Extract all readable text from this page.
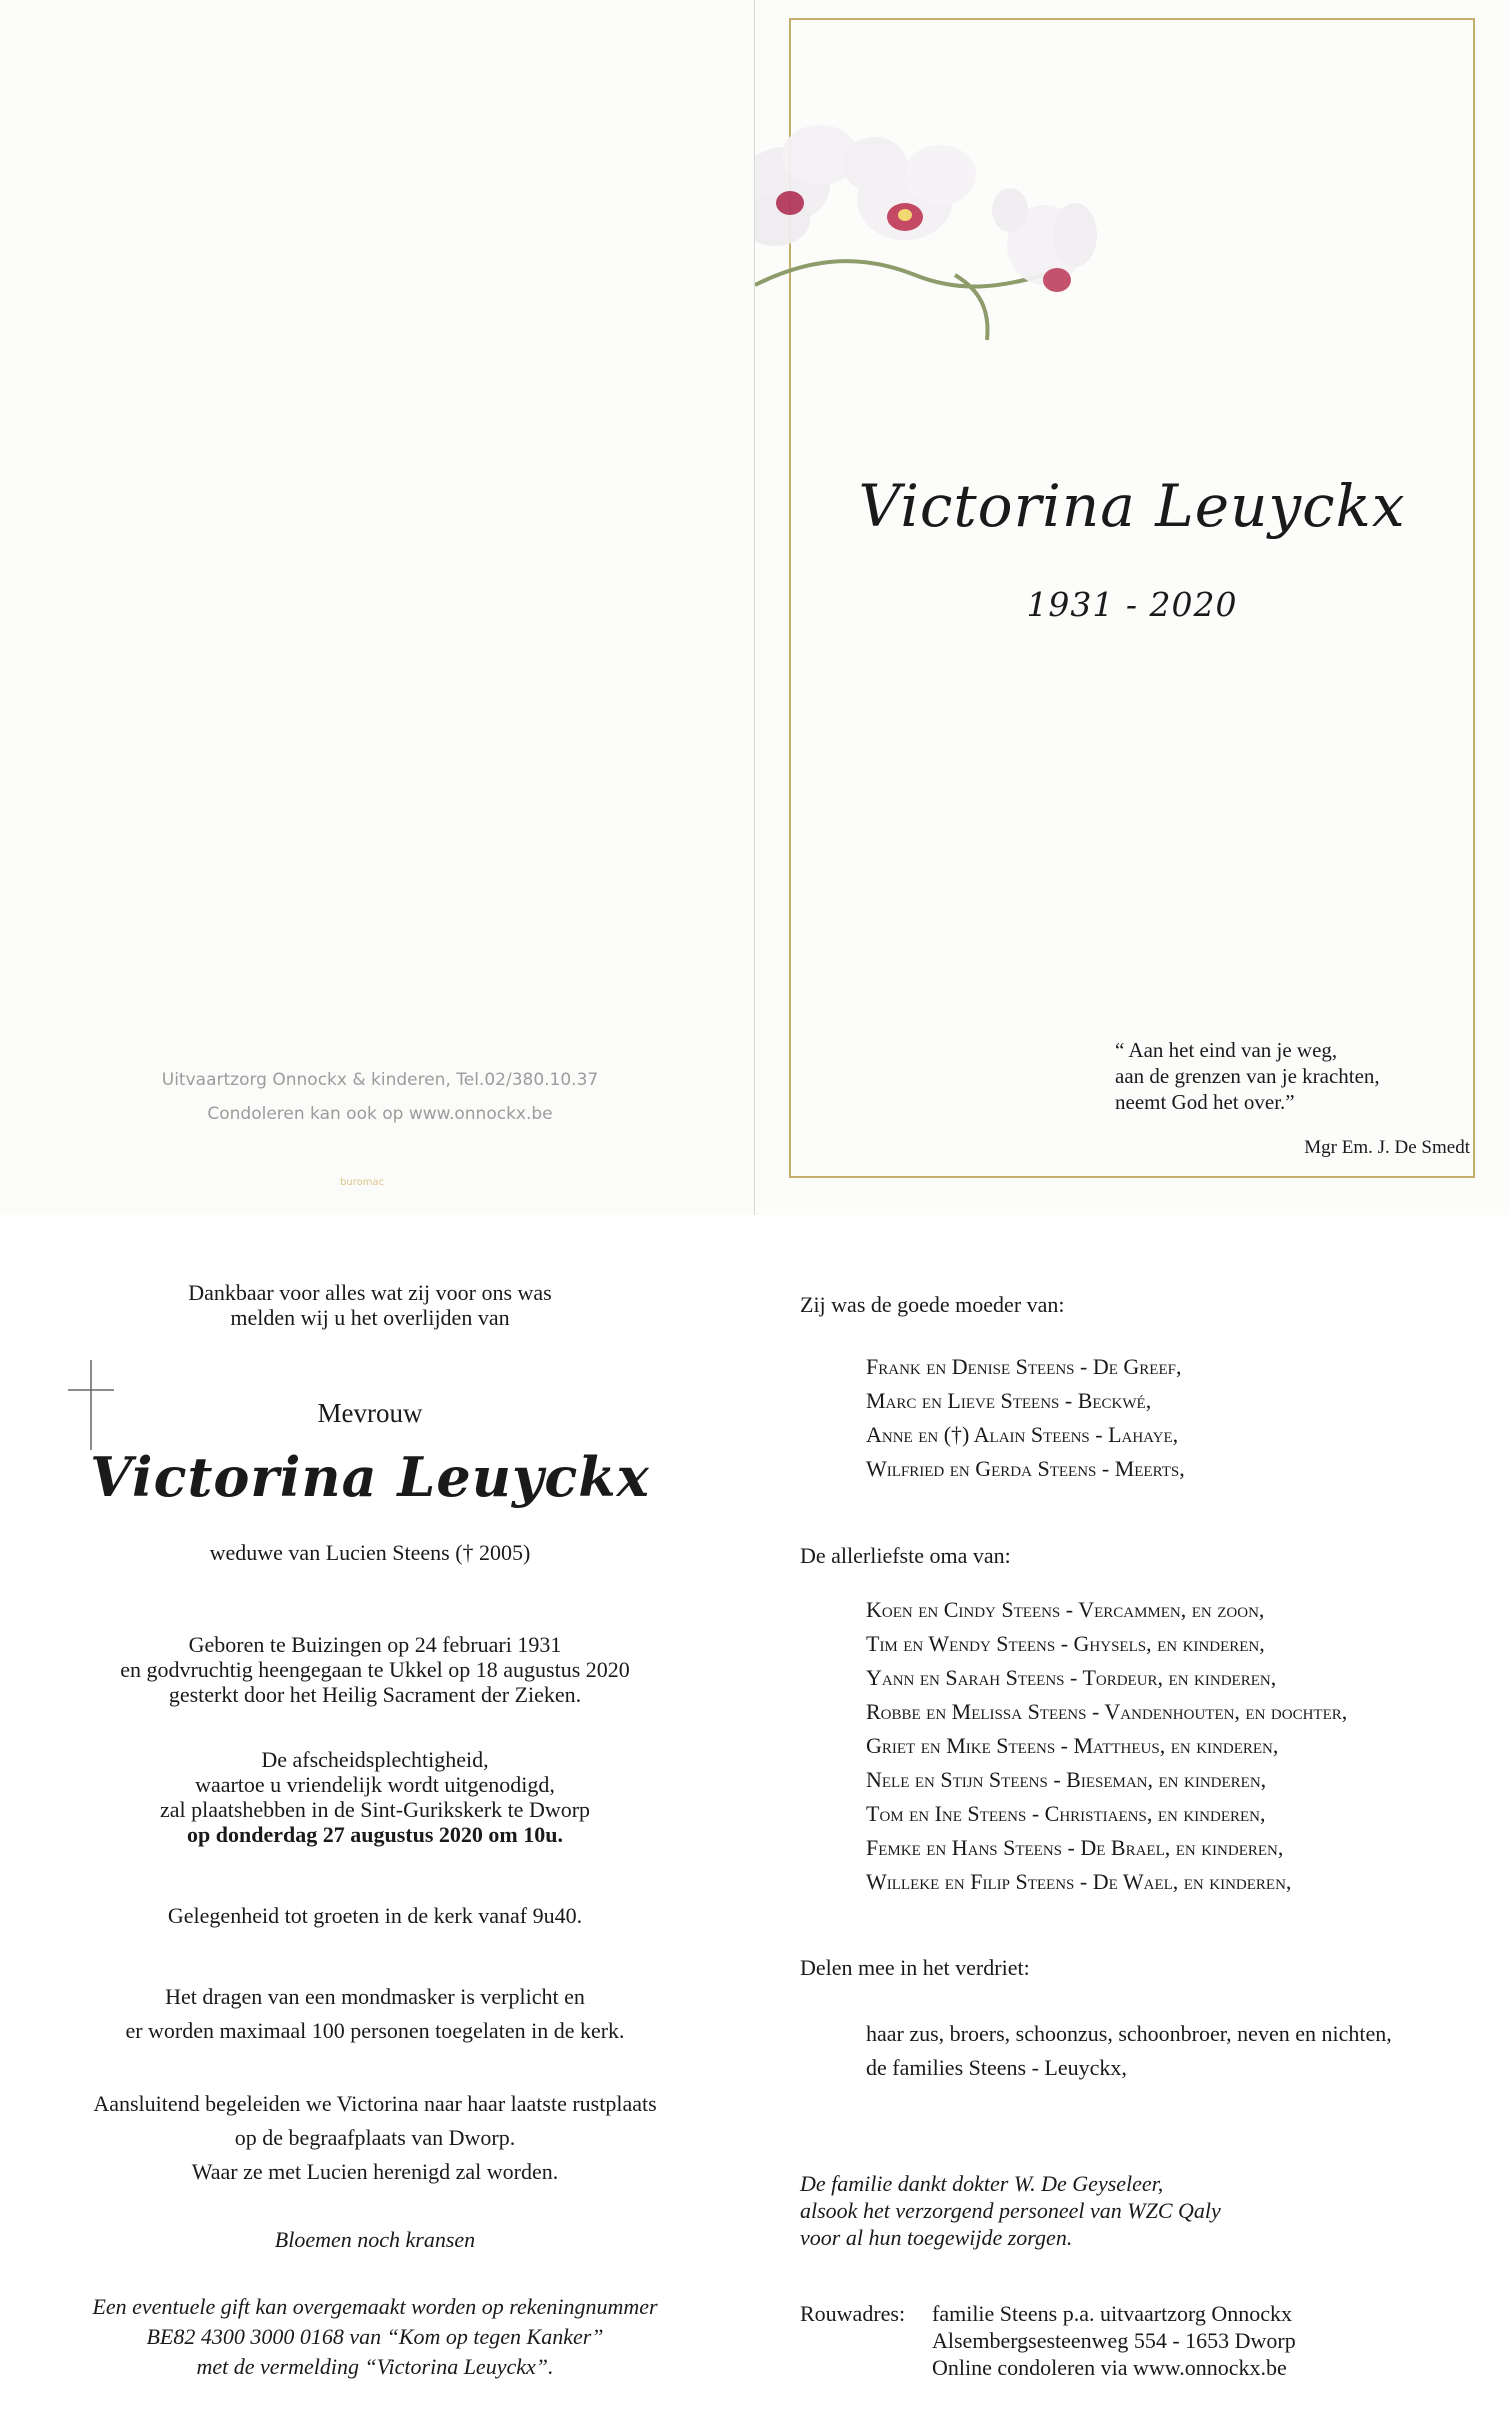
Victorina Leuyckx
1931 - 2020
“ Aan het eind van je weg,
aan de grenzen van je krachten,
neemt God het over.”
Mgr Em. J. De Smedt
Uitvaartzorg Onnockx & kinderen, Tel.02/380.10.37
Condoleren kan ook op www.onnockx.be
buromac
Dankbaar voor alles wat zij voor ons was
melden wij u het overlijden van
Mevrouw
Victorina Leuyckx
weduwe van Lucien Steens († 2005)
Geboren te Buizingen op 24 februari 1931
en godvruchtig heengegaan te Ukkel op 18 augustus 2020
gesterkt door het Heilig Sacrament der Zieken.
De afscheidsplechtigheid,
waartoe u vriendelijk wordt uitgenodigd,
zal plaatshebben in de Sint-Guriksk​erk te Dworp
op donderdag 27 augustus 2020 om 10u.
Gelegenheid tot groeten in de kerk vanaf 9u40.
Het dragen van een mondmasker is verplicht en
er worden maximaal 100 personen toegelaten in de kerk.
Aansluitend begeleiden we Victorina naar haar laatste rustplaats
op de begraafplaats van Dworp.
Waar ze met Lucien herenigd zal worden.
Bloemen noch kransen
Een eventuele gift kan overgemaakt worden op rekeningnummer
BE82 4300 3000 0168 van “Kom op tegen Kanker”
met de vermelding “Victorina Leuyckx”.
Zij was de goede moeder van:
Frank en Denise Steens - De Greef,
Marc en Lieve Steens - Beckwé,
Anne en (†) Alain Steens - Lahaye,
Wilfried en Gerda Steens - Meerts,
De allerliefste oma van:
Koen en Cindy Steens - Vercammen, en zoon,
Tim en Wendy Steens - Ghysels, en kinderen,
Yann en Sarah Steens - Tordeur, en kinderen,
Robbe en Melissa Steens - Vandenhouten, en dochter,
Griet en Mike Steens - Mattheus, en kinderen,
Nele en Stijn Steens - Bieseman, en kinderen,
Tom en Ine Steens - Christiaens, en kinderen,
Femke en Hans Steens - De Brael, en kinderen,
Willeke en Filip Steens - De Wael, en kinderen,
Delen mee in het verdriet:
haar zus, broers, schoonzus, schoonbroer, neven en nichten,
de families Steens - Leuyckx,
De familie dankt dokter W. De Geyseleer,
alsook het verzorgend personeel van WZC Qaly
voor al hun toegewijde zorgen.
Rouwadres:	familie Steens p.a. uitvaartzorg Onnockx
Alsembergsesteenweg 554 - 1653 Dworp
Online condoleren via www.onnockx.be
